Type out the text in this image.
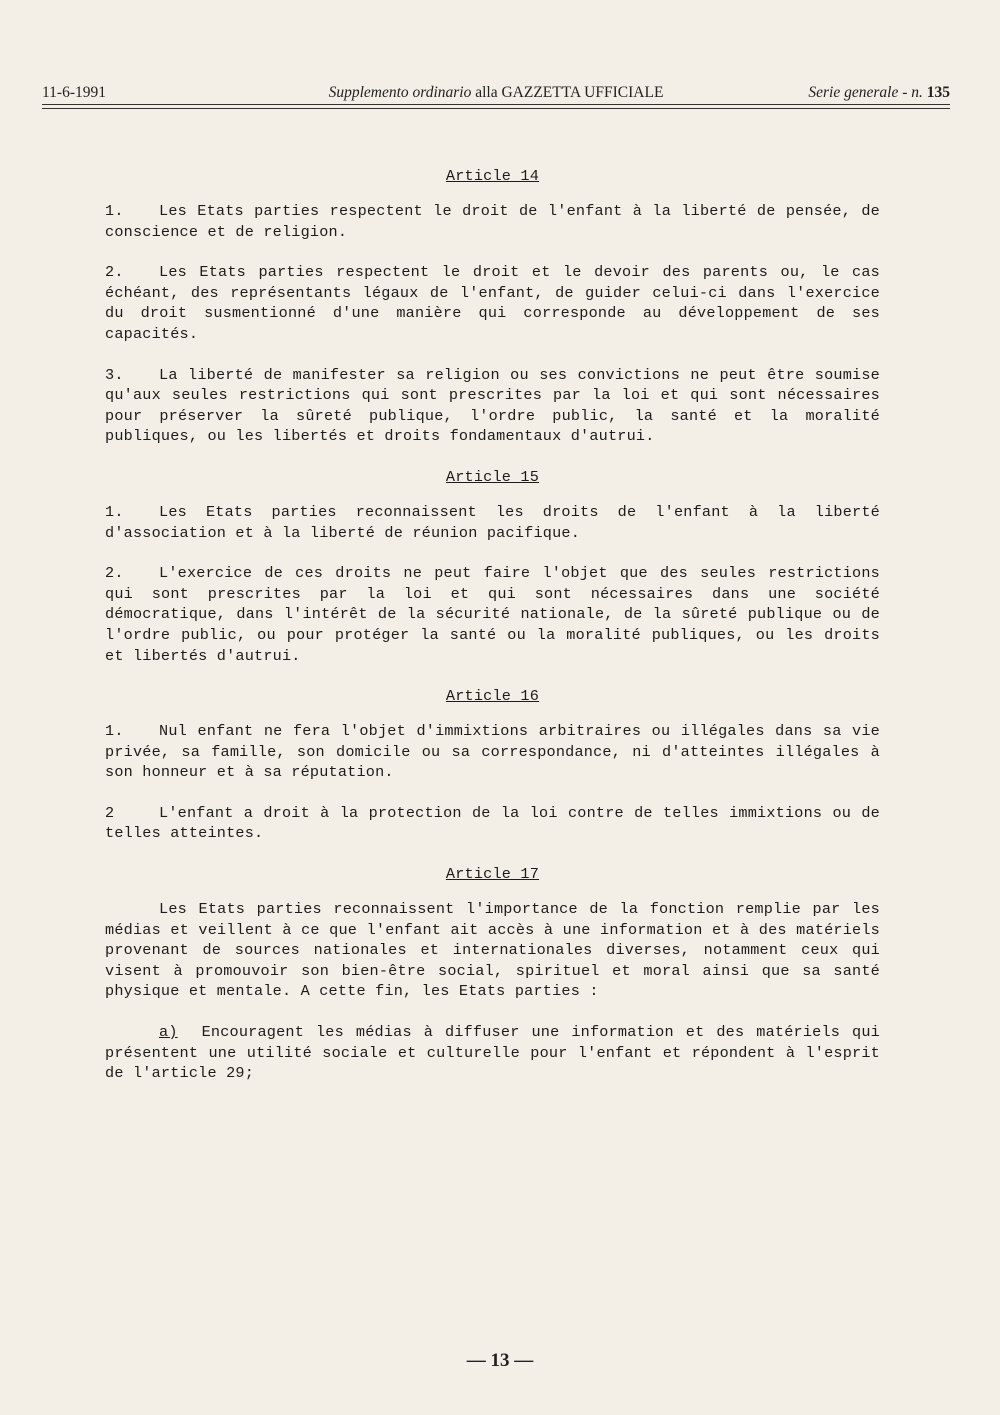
11-6-1991	Supplemento ordinario alla GAZZETTA UFFICIALE	Serie generale - n. 135
Article 14

1. Les Etats parties respectent le droit de l'enfant à la liberté de pensée, de conscience et de religion.

2. Les Etats parties respectent le droit et le devoir des parents ou, le cas échéant, des représentants légaux de l'enfant, de guider celui-ci dans l'exercice du droit susmentionné d'une manière qui corresponde au développement de ses capacités.

3. La liberté de manifester sa religion ou ses convictions ne peut être soumise qu'aux seules restrictions qui sont prescrites par la loi et qui sont nécessaires pour préserver la sûreté publique, l'ordre public, la santé et la moralité publiques, ou les libertés et droits fondamentaux d'autrui.

Article 15

1. Les Etats parties reconnaissent les droits de l'enfant à la liberté d'association et à la liberté de réunion pacifique.

2. L'exercice de ces droits ne peut faire l'objet que des seules restrictions qui sont prescrites par la loi et qui sont nécessaires dans une société démocratique, dans l'intérêt de la sécurité nationale, de la sûreté publique ou de l'ordre public, ou pour protéger la santé ou la moralité publiques, ou les droits et libertés d'autrui.

Article 16

1. Nul enfant ne fera l'objet d'immixtions arbitraires ou illégales dans sa vie privée, sa famille, son domicile ou sa correspondance, ni d'atteintes illégales à son honneur et à sa réputation.

2	L'enfant a droit à la protection de la loi contre de telles immixtions ou de telles atteintes.

Article 17

Les Etats parties reconnaissent l'importance de la fonction remplie par les médias et veillent à ce que l'enfant ait accès à une information et à des matériels provenant de sources nationales et internationales diverses, notamment ceux qui visent à promouvoir son bien-être social, spirituel et moral ainsi que sa santé physique et mentale. A cette fin, les Etats parties :

a) Encouragent les médias à diffuser une information et des matériels qui présentent une utilité sociale et culturelle pour l'enfant et répondent à l'esprit de l'article 29;

— 13 —
